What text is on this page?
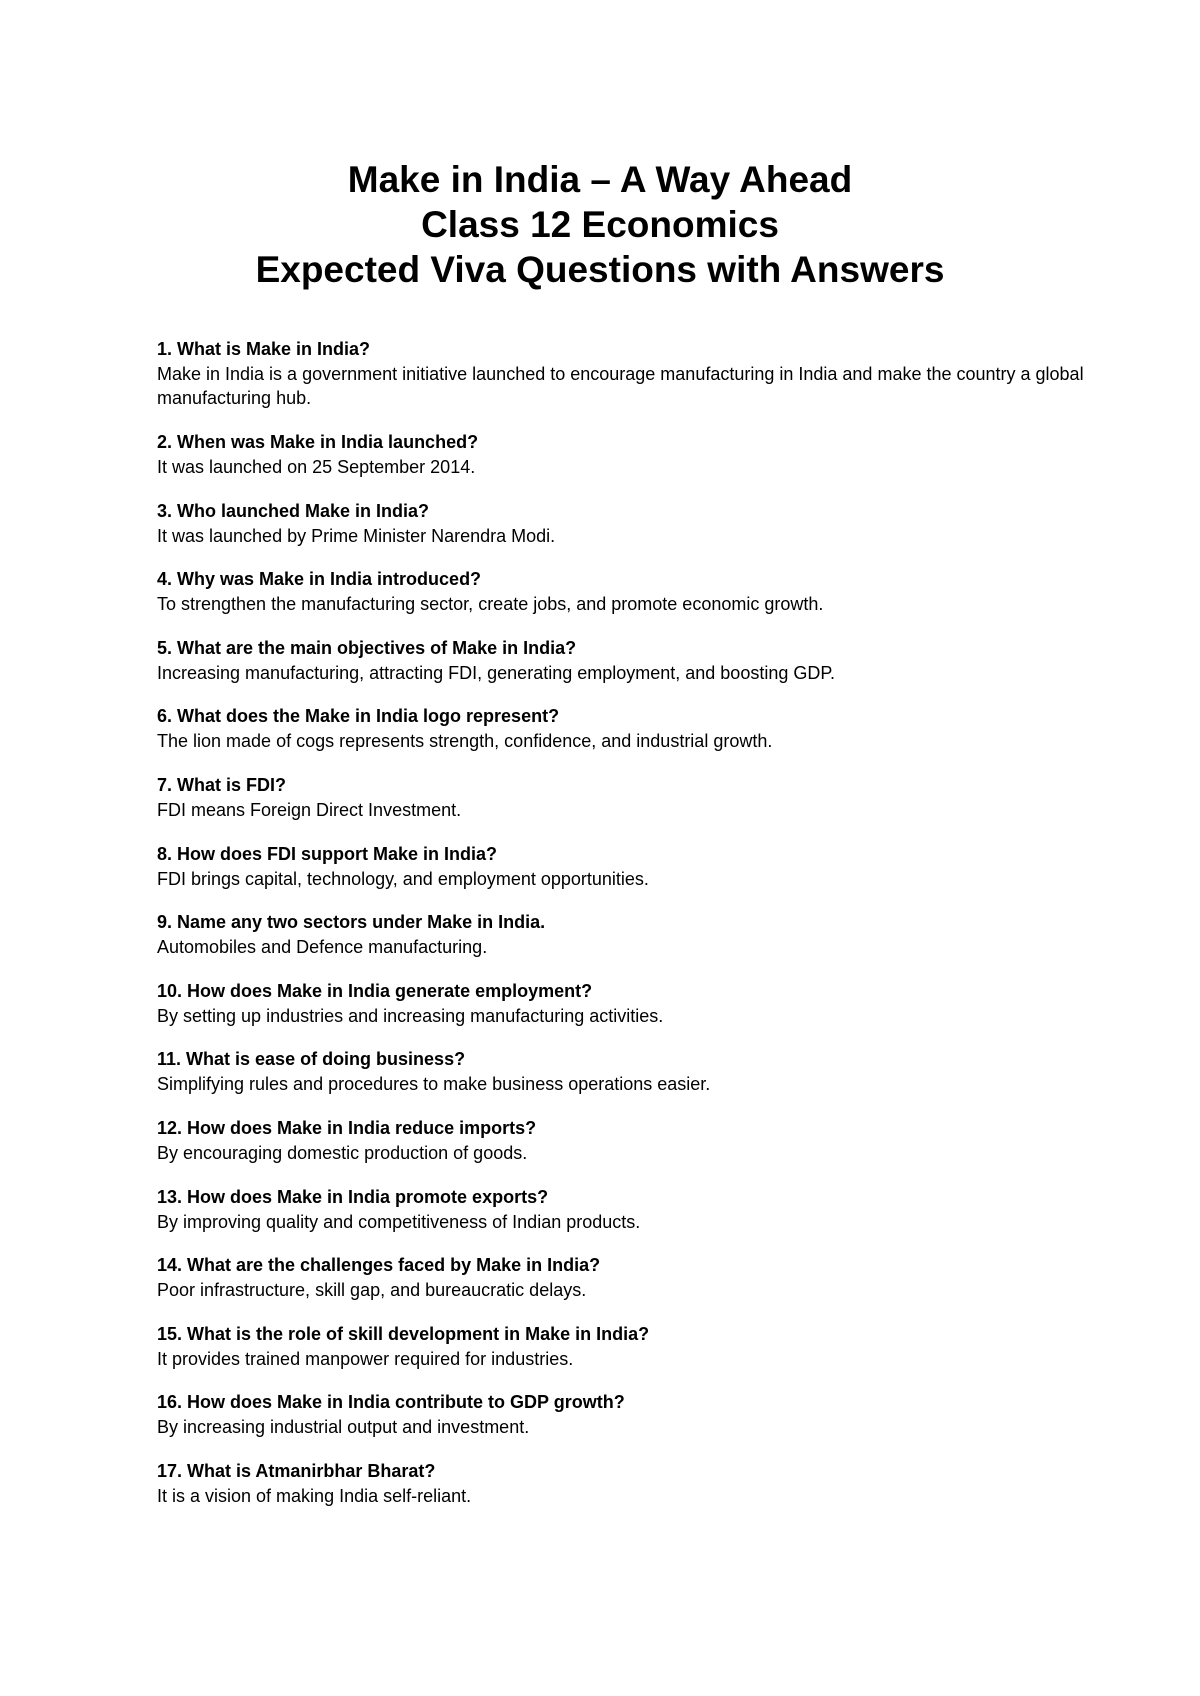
Make in India – A Way Ahead

Class 12 Economics

Expected Viva Questions with Answers

1. What is Make in India?

Make in India is a government initiative launched to encourage manufacturing in India and make the country a global manufacturing hub.

2. When was Make in India launched?

It was launched on 25 September 2014.

3. Who launched Make in India?

It was launched by Prime Minister Narendra Modi.

4. Why was Make in India introduced?

To strengthen the manufacturing sector, create jobs, and promote economic growth.

5. What are the main objectives of Make in India?

Increasing manufacturing, attracting FDI, generating employment, and boosting GDP.

6. What does the Make in India logo represent?

The lion made of cogs represents strength, confidence, and industrial growth.

7. What is FDI?

FDI means Foreign Direct Investment.

8. How does FDI support Make in India?

FDI brings capital, technology, and employment opportunities.

9. Name any two sectors under Make in India.

Automobiles and Defence manufacturing.

10. How does Make in India generate employment?

By setting up industries and increasing manufacturing activities.

11. What is ease of doing business?

Simplifying rules and procedures to make business operations easier.

12. How does Make in India reduce imports?

By encouraging domestic production of goods.

13. How does Make in India promote exports?

By improving quality and competitiveness of Indian products.

14. What are the challenges faced by Make in India?

Poor infrastructure, skill gap, and bureaucratic delays.

15. What is the role of skill development in Make in India?

It provides trained manpower required for industries.

16. How does Make in India contribute to GDP growth?

By increasing industrial output and investment.

17. What is Atmanirbhar Bharat?

It is a vision of making India self-reliant.
